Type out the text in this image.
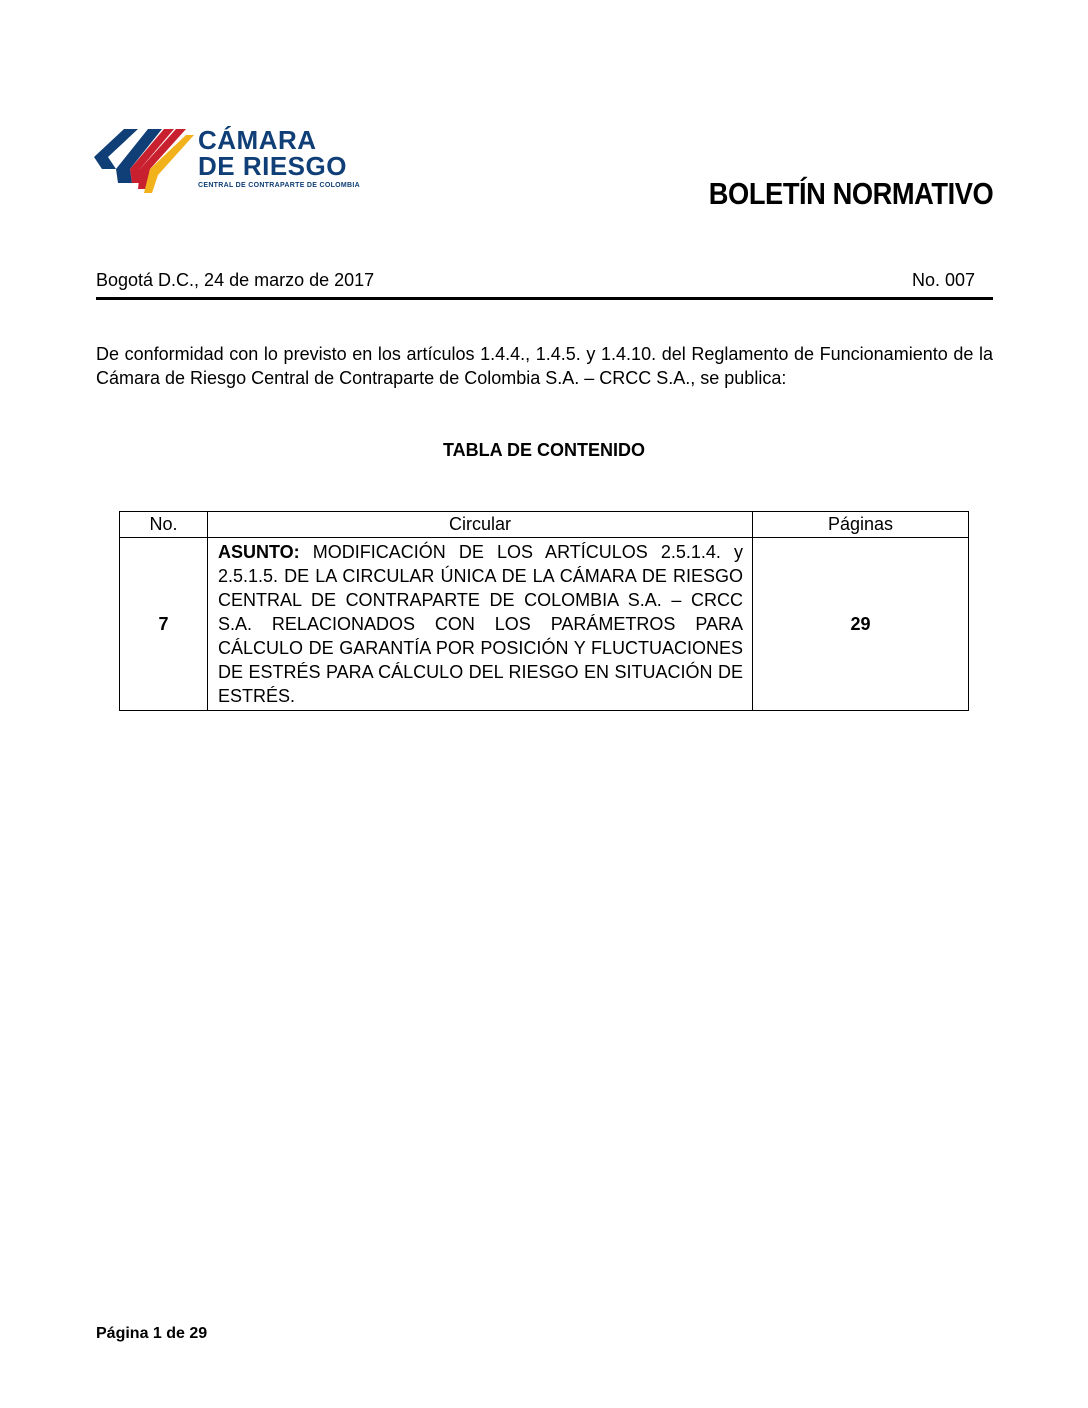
CÁMARA
DE RIESGO
CENTRAL DE CONTRAPARTE DE COLOMBIA	BOLETÍN NORMATIVO
Bogotá D.C., 24 de marzo de 2017	No. 007

De conformidad con lo previsto en los artículos 1.4.4., 1.4.5. y 1.4.10. del Reglamento de Funcionamiento de la Cámara de Riesgo Central de Contraparte de Colombia S.A. – CRCC S.A., se publica:

TABLA DE CONTENIDO
No.	Circular	Páginas
7	ASUNTO: MODIFICACIÓN DE LOS ARTÍCULOS 2.5.1.4. y 2.5.1.5. DE LA CIRCULAR ÚNICA DE LA CÁMARA DE RIESGO CENTRAL DE CONTRAPARTE DE COLOMBIA S.A. – CRCC S.A. RELACIONADOS CON LOS PARÁMETROS PARA CÁLCULO DE GARANTÍA POR POSICIÓN Y FLUCTUACIONES DE ESTRÉS PARA CÁLCULO DEL RIESGO EN SITUACIÓN DE ESTRÉS.	29
Página 1 de 29
